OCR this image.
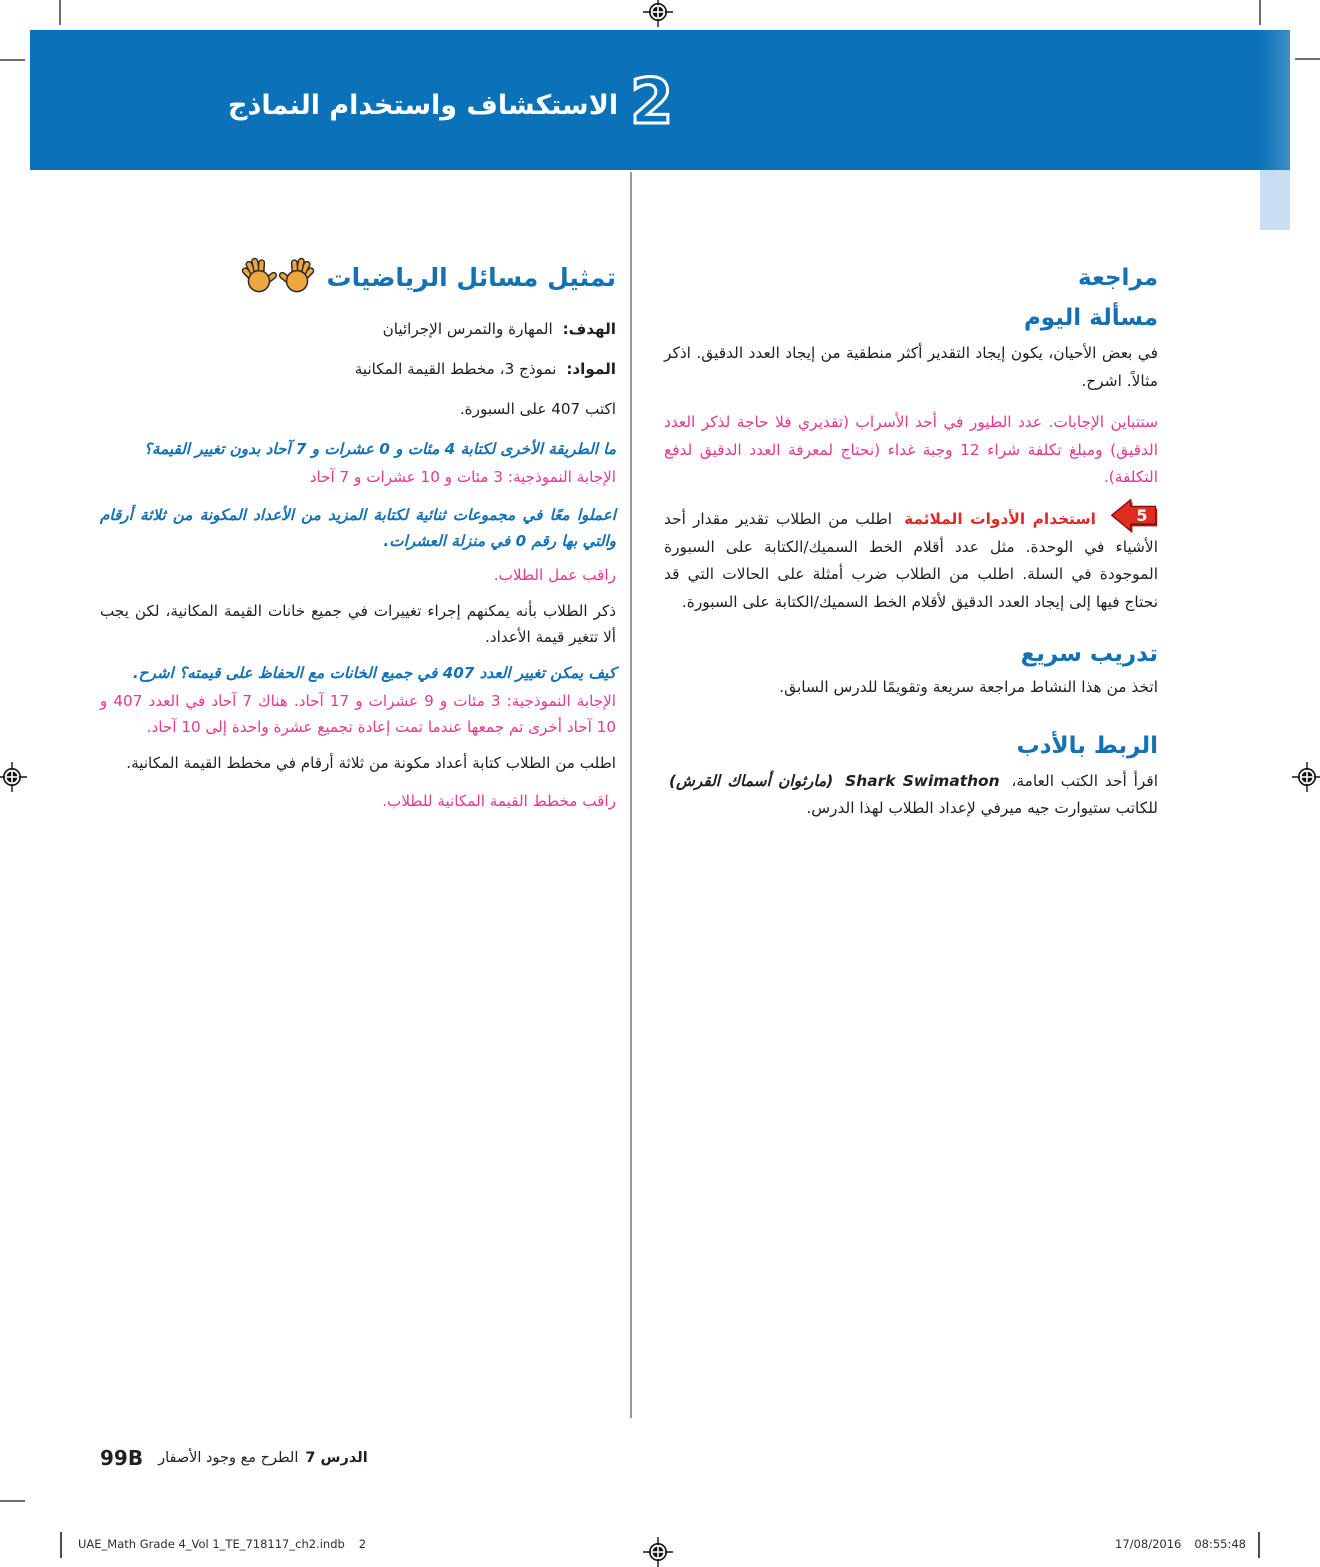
2
الاستكشاف واستخدام النماذج
تمثيل مسائل الرياضيات

الهدف: المهارة والتمرس الإجرائيان

المواد: نموذج 3، مخطط القيمة المكانية

اكتب 407 على السبورة.

ما الطريقة الأخرى لكتابة 4 مئات و 0 عشرات و 7 آحاد بدون تغيير القيمة؟

الإجابة النموذجية: 3 مئات و 10 عشرات و 7 آحاد

اعملوا معًا في مجموعات ثنائية لكتابة المزيد من الأعداد المكونة من ثلاثة أرقام والتي بها رقم 0 في منزلة العشرات.

راقب عمل الطلاب.

ذكر الطلاب بأنه يمكنهم إجراء تغييرات في جميع خانات القيمة المكانية، لكن يجب ألا تتغير قيمة الأعداد.

كيف يمكن تغيير العدد 407 في جميع الخانات مع الحفاظ على قيمته؟ اشرح.

الإجابة النموذجية: 3 مئات و 9 عشرات و 17 آحاد. هناك 7 آحاد في العدد 407 و 10 آحاد أخرى تم جمعها عندما تمت إعادة تجميع عشرة واحدة إلى 10 آحاد.

اطلب من الطلاب كتابة أعداد مكونة من ثلاثة أرقام في مخطط القيمة المكانية.

راقب مخطط القيمة المكانية للطلاب.

مراجعة

مسألة اليوم

في بعض الأحيان، يكون إيجاد التقدير أكثر منطقية من إيجاد العدد الدقيق. اذكر مثالاً. اشرح.

ستتباين الإجابات. عدد الطيور في أحد الأسراب (تقديري فلا حاجة لذكر العدد الدقيق) ومبلغ تكلفة شراء 12 وجبة غداء (نحتاج لمعرفة العدد الدقيق لدفع التكلفة).

5
استخدام الأدوات الملائمة اطلب من الطلاب تقدير مقدار أحد الأشياء في الوحدة. مثل عدد أقلام الخط السميك/الكتابة على السبورة الموجودة في السلة. اطلب من الطلاب ضرب أمثلة على الحالات التي قد نحتاج فيها إلى إيجاد العدد الدقيق لأقلام الخط السميك/الكتابة على السبورة.

تدريب سريع

اتخذ من هذا النشاط مراجعة سريعة وتقويمًا للدرس السابق.

الربط بالأدب

اقرأ أحد الكتب العامة، Shark Swimathon (مارثوان أسماك القرش) للكاتب ستيوارت جيه ميرفي لإعداد الطلاب لهذا الدرس.

99B	الدرس 7
الطرح مع وجود الأصفار
UAE_Math Grade 4_Vol 1_TE_718117_ch2.indb 2	17/08/2016 08:55:48
